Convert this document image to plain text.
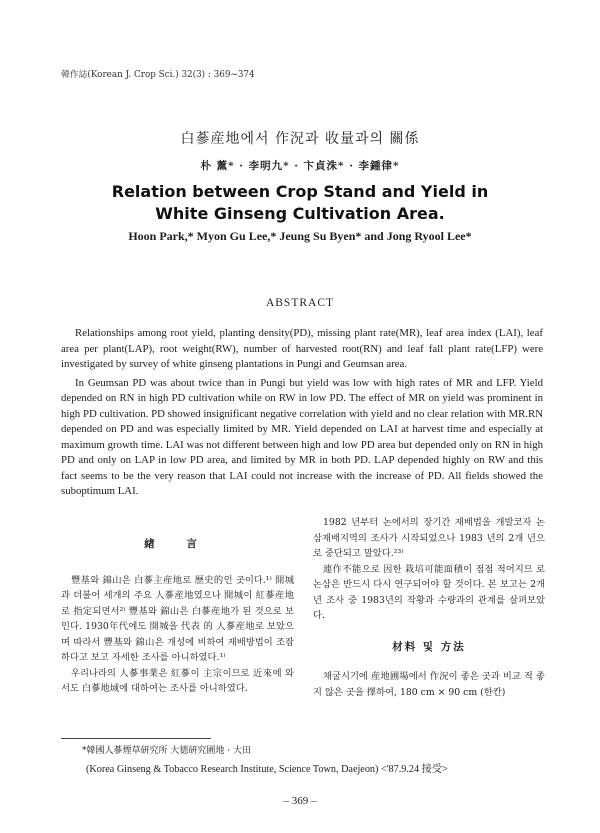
韓作誌(Korean J. Crop Sci.) 32(3) : 369~374
白蔘産地에서 作況과 收量과의 關係
朴 薰* · 李明九* · 卞貞洙* · 李鍾律*
Relation between Crop Stand and Yield in
White Ginseng Cultivation Area.
Hoon Park,* Myon Gu Lee,* Jeung Su Byen* and Jong Ryool Lee*
ABSTRACT

Relationships among root yield, planting density(PD), missing plant rate(MR), leaf area index (LAI), leaf area per plant(LAP), root weight(RW), number of harvested root(RN) and leaf fall plant rate(LFP) were investigated by survey of white ginseng plantations in Pungi and Geumsan area.

In Geumsan PD was about twice than in Pungi but yield was low with high rates of MR and LFP. Yield depended on RN in high PD cultivation while on RW in low PD. The effect of MR on yield was prominent in high PD cultivation. PD showed insignificant negative correlation with yield and no clear relation with MR.RN depended on PD and was especially limited by MR. Yield depended on LAI at harvest time and especially at maximum growth time. LAI was not different between high and low PD area but depended only on RN in high PD and only on LAP in low PD area, and limited by MR in both PD. LAP depended highly on RW and this fact seems to be the very reason that LAI could not increase with the increase of PD. All fields showed the suboptimum LAI.

緖 言

豐基와 錦山은 白蔘主産地로 歷史的인 곳이다.¹⁾ 開城과 더불어 세개의 주요 人蔘産地였으나 開城이 紅蔘産地로 指定되면서²⁾ 豐基와 錦山은 白蔘産地가 된 것으로 보인다. 1930年代에도 開城을 代表 的 人蔘産地로 보았으며 따라서 豐基와 錦山은 개성에 비하여 재배방법이 조잡하다고 보고 자세한 조사를 아니하였다.¹⁾

우리나라의 人蔘事業은 紅蔘이 主宗이므로 近來에 와서도 白蔘地域에 대하여는 조사를 아니하였다.

1982 년부터 논에서의 장기간 재배법을 개발코자 논 삼재배지역의 조사가 시작되었으나 1983 년의 2개 년으로 중단되고 말았다.²³⁾

連作不能으로 因한 栽培可能面積이 점점 적어지므 로 논삼은 반드시 다시 연구되어야 할 것이다. 본 보고는 2개년 조사 중 1983년의 작황과 수량과의 관계를 살펴보았다.

材料 및 方法

채굴시기에 産地圃場에서 作況이 좋은 곳과 비교 적 좋지 않은 곳을 擇하여, 180 cm × 90 cm (한칸)

*韓國人蔘煙草硏究所 大德硏究圃地 · 大田
(Korea Ginseng & Tobacco Research Institute, Science Town, Daejeon) <'87.9.24 接受>
– 369 –
